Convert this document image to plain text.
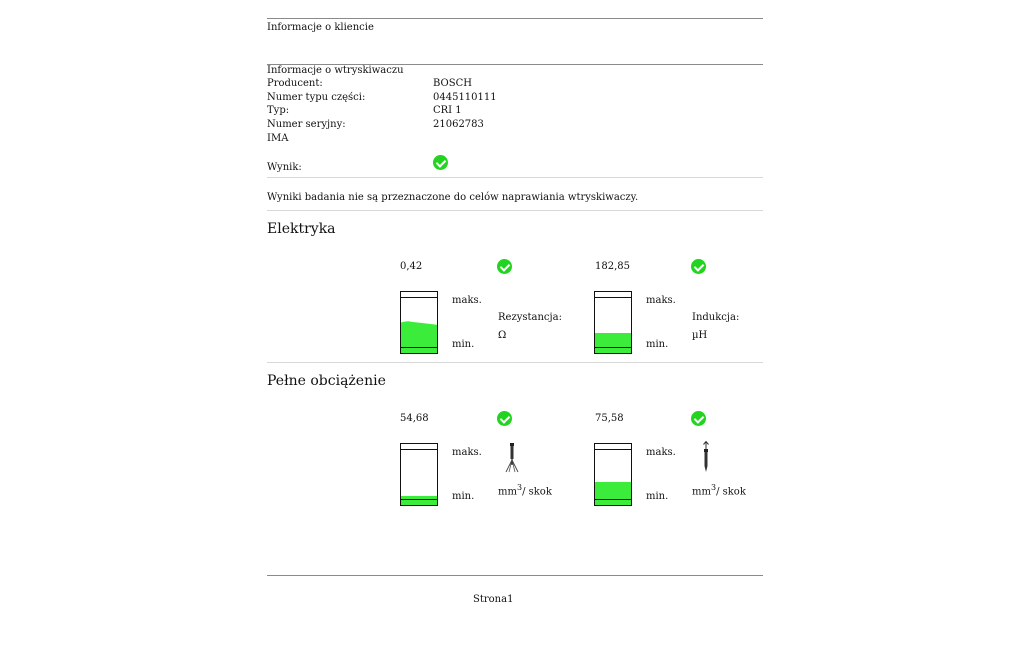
Informacje o kliencie
Informacje o wtryskiwaczu
Producent:	BOSCH
Numer typu części:	0445110111
Typ:	CRI 1
Numer seryjny:	21062783
IMA
Wynik:
Wyniki badania nie są przeznaczone do celów naprawiania wtryskiwaczy.
Elektryka
0,42
maks.
min.
Rezystancja:
Ω
182,85
maks.
min.
Indukcja:
µH
Pełne obciążenie
54,68
maks.
min. $mm^3/$ skok
75,58
maks.
min. $mm^3/$ skok
Strona1
